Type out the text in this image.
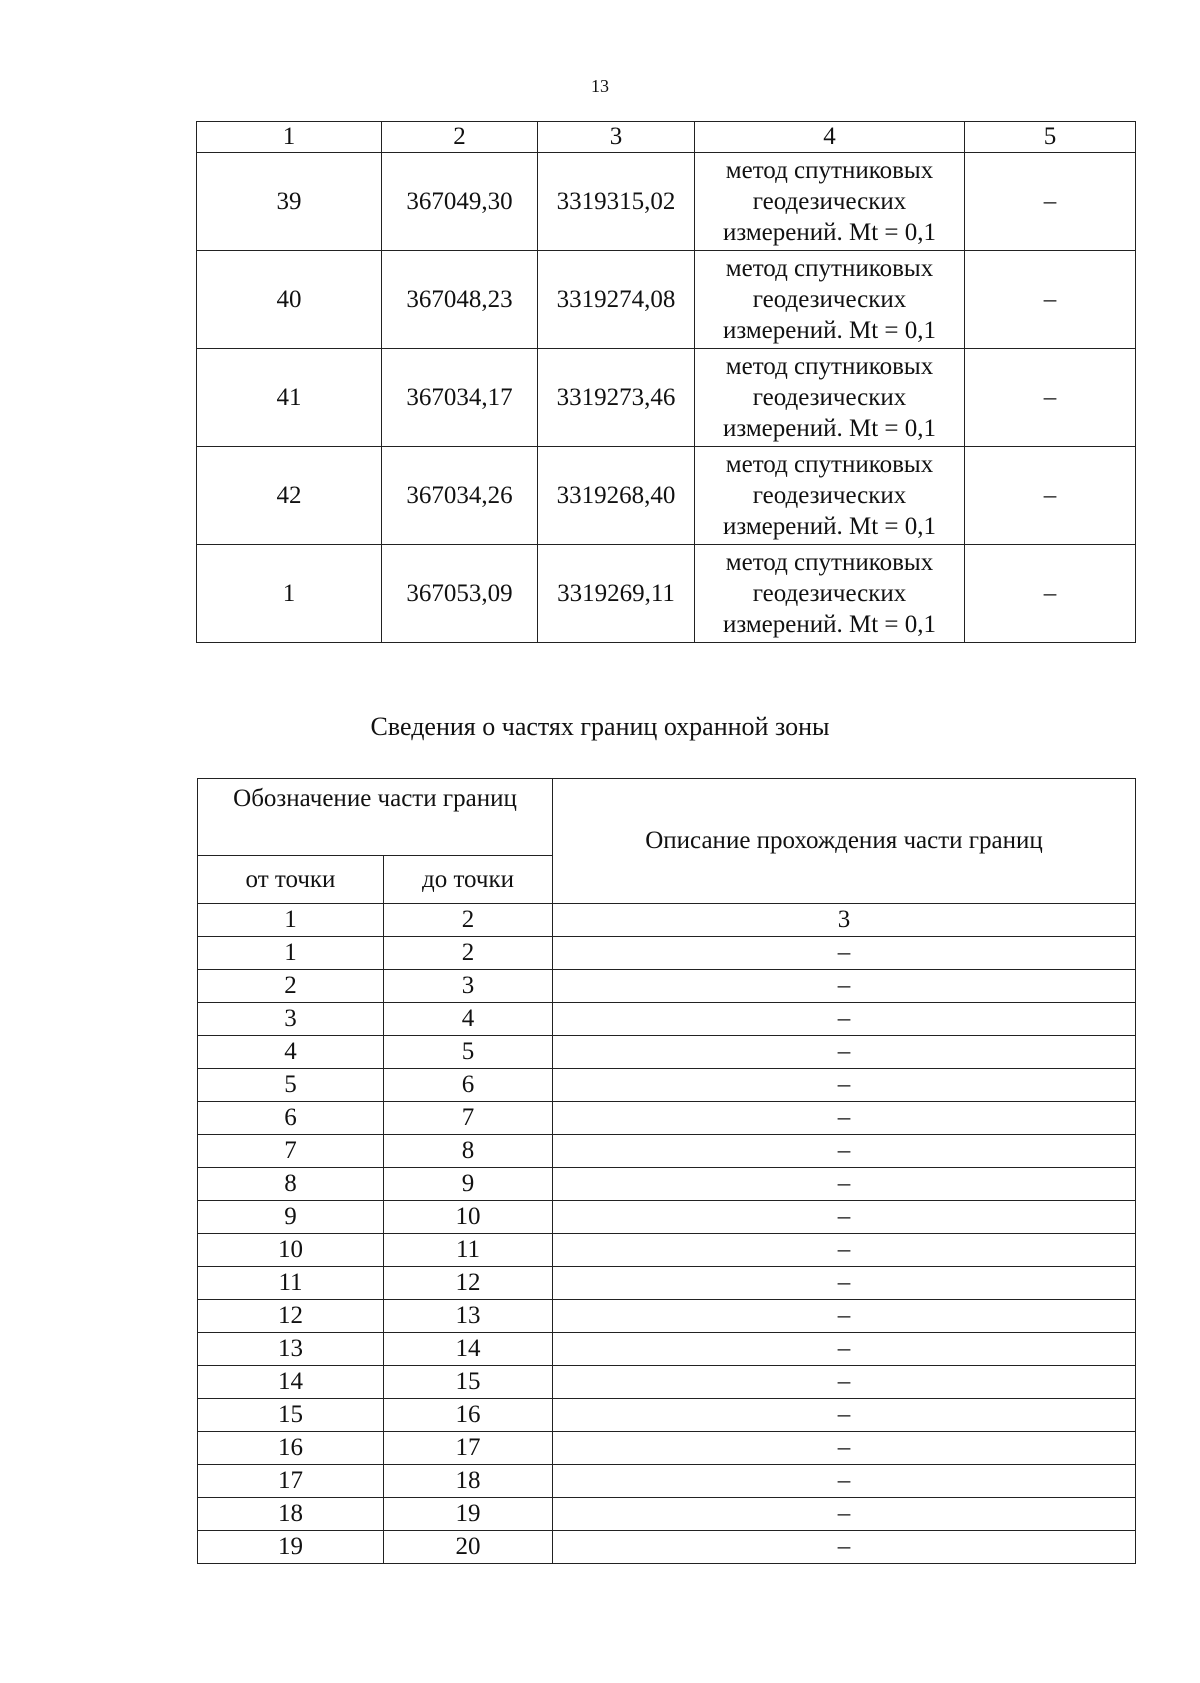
13
1	2	3	4	5
39	367049,30	3319315,02	метод спутниковых
геодезических
измерений. Mt = 0,1	–
40	367048,23	3319274,08	метод спутниковых
геодезических
измерений. Mt = 0,1	–
41	367034,17	3319273,46	метод спутниковых
геодезических
измерений. Mt = 0,1	–
42	367034,26	3319268,40	метод спутниковых
геодезических
измерений. Mt = 0,1	–
1	367053,09	3319269,11	метод спутниковых
геодезических
измерений. Mt = 0,1	–
Сведения о частях границ охранной зоны
Обозначение части границ		Описание прохождения части границ
от точки	до точки	
1	2	3
1	2	–
2	3	–
3	4	–
4	5	–
5	6	–
6	7	–
7	8	–
8	9	–
9	10	–
10	11	–
11	12	–
12	13	–
13	14	–
14	15	–
15	16	–
16	17	–
17	18	–
18	19	–
19	20	–
